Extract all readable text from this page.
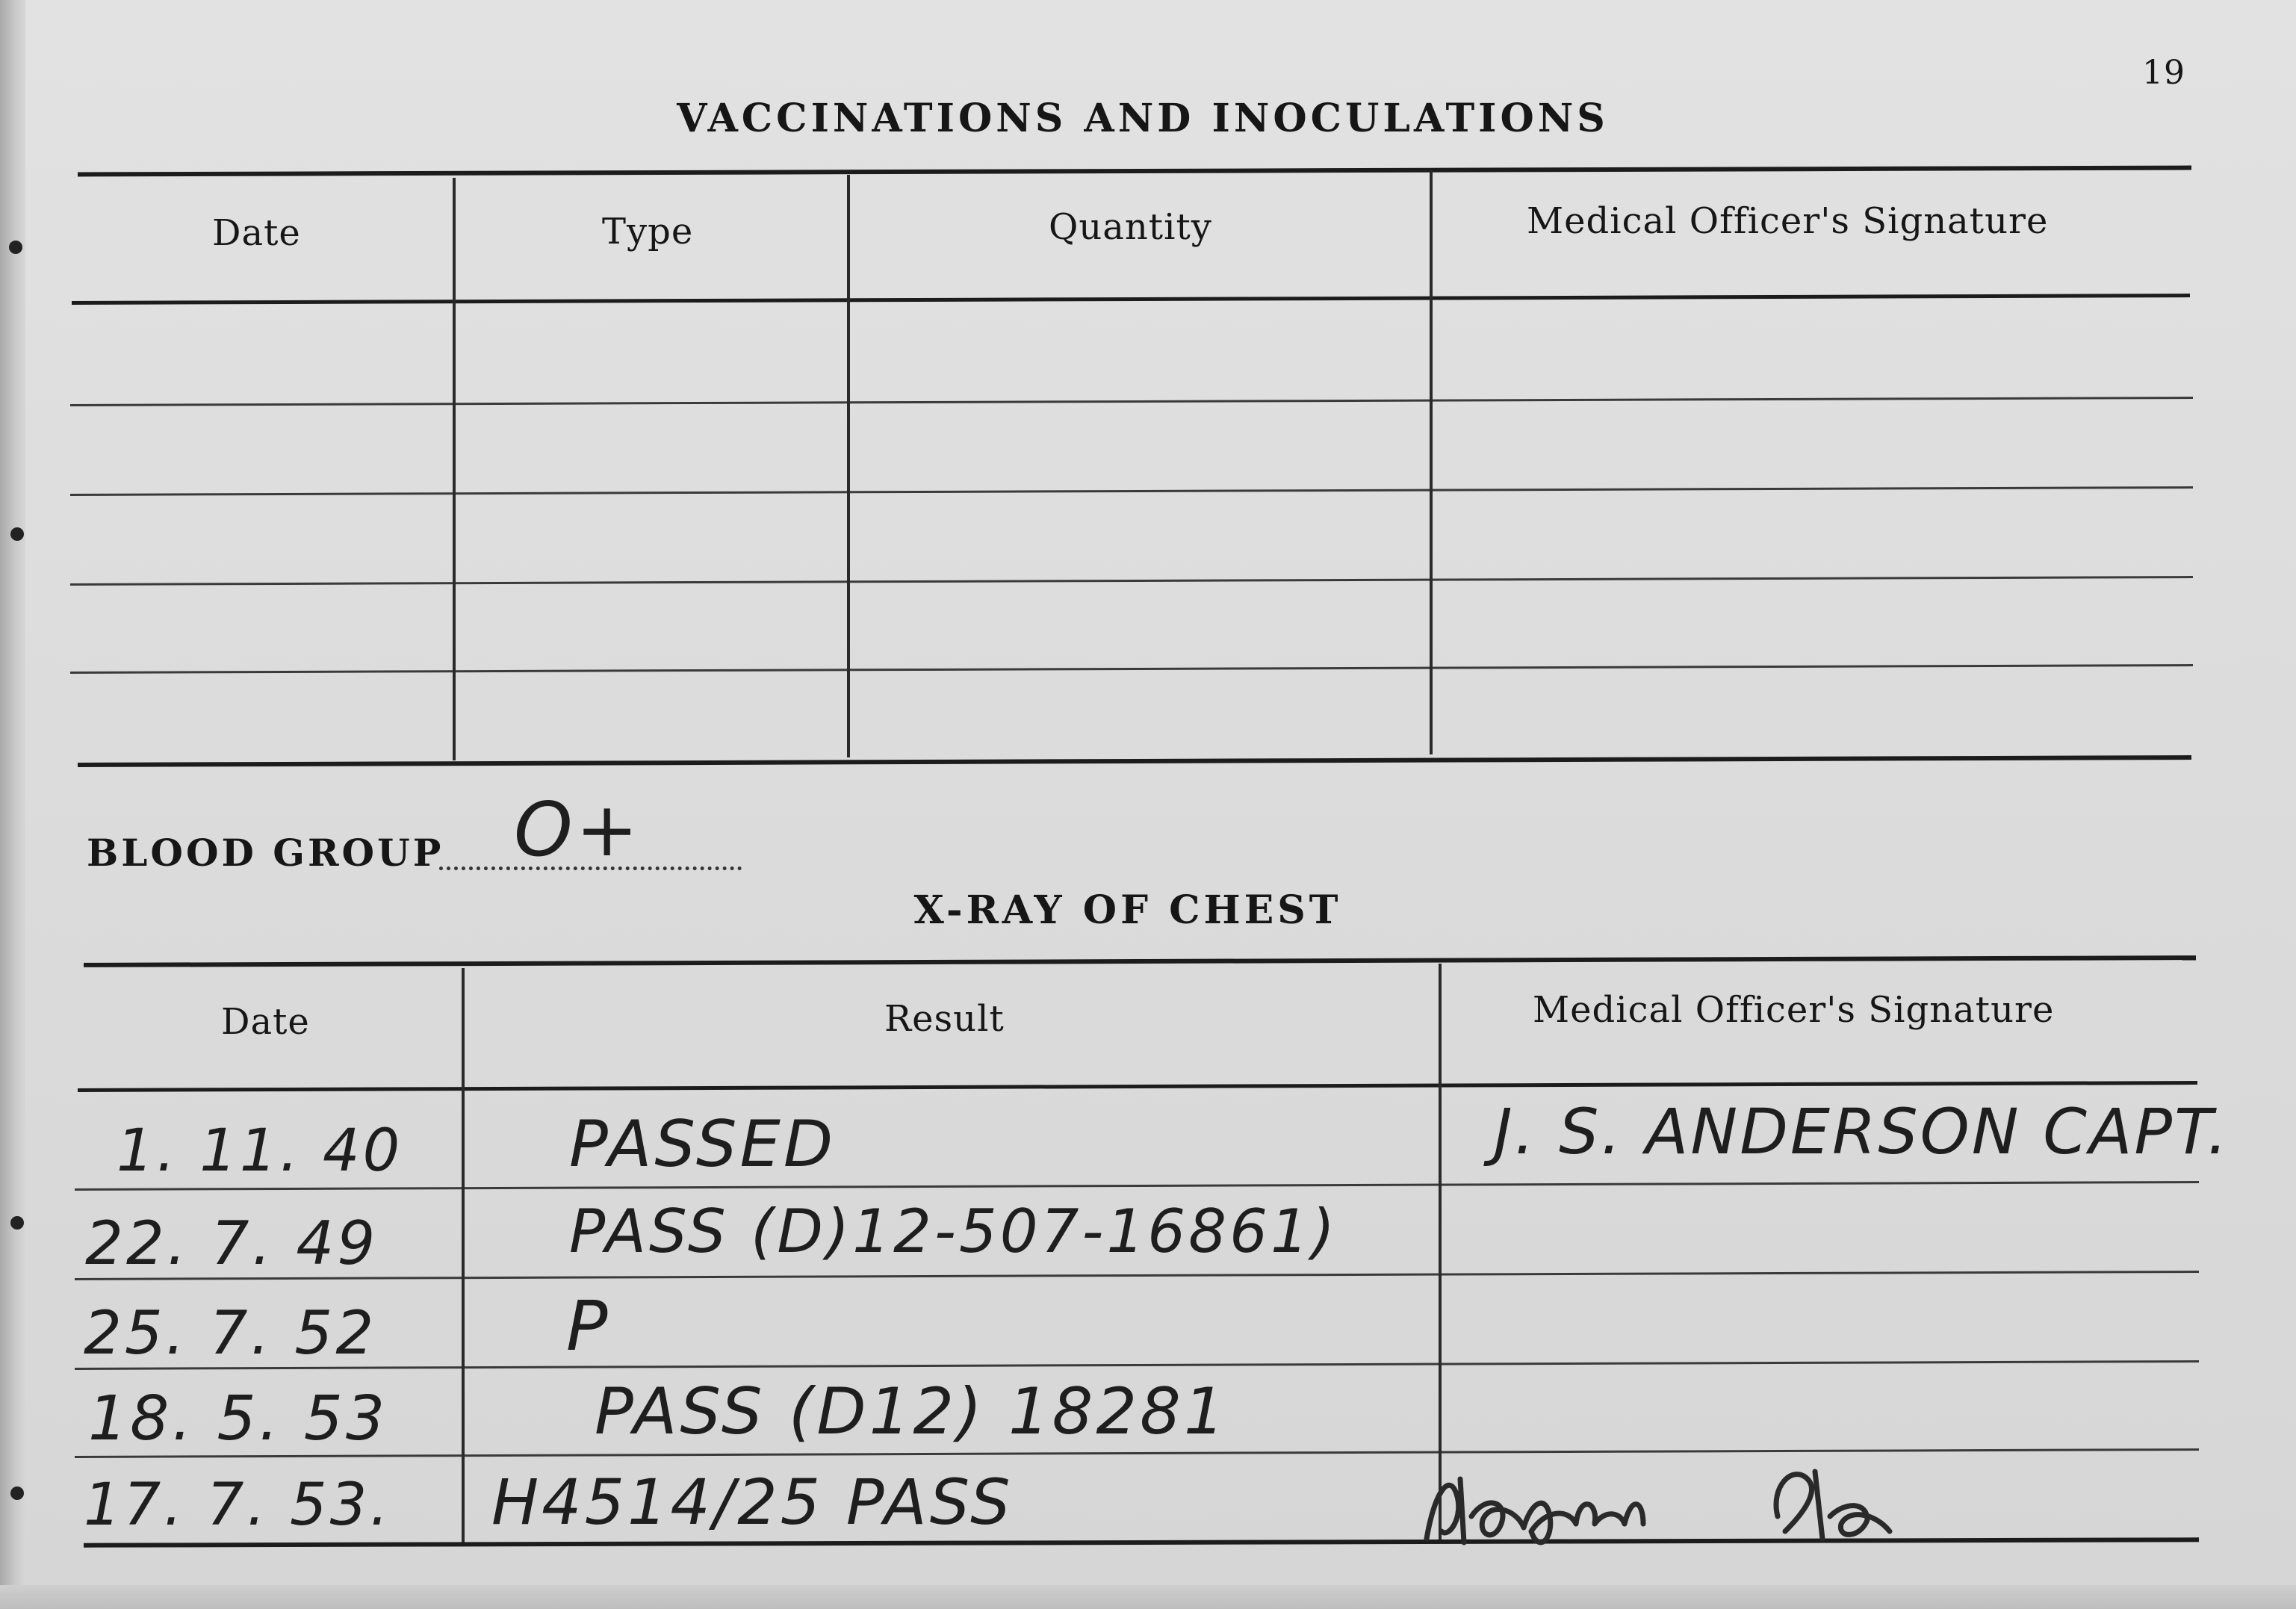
19
VACCINATIONS AND INOCULATIONS
Date	Type	Quantity	Medical Officer's Signature
BLOOD GROUP O+
X-RAY OF CHEST
Date	Result	Medical Officer's Signature
1. 11. 40	PASSED	J. S. ANDERSON CAPT.
22. 7. 49	PASS (D)12-507-16861)
25. 7. 52	P
18. 5. 53	PASS (D12) 18281
17. 7. 53. H4514/25 PASS
